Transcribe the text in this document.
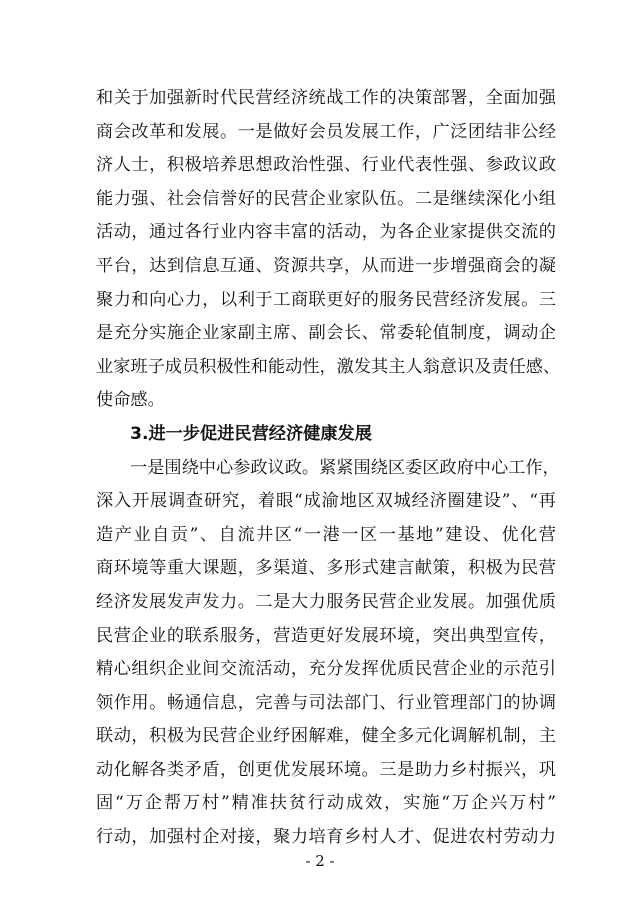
和关于加强新时代民营经济统战工作的决策部署，全面加强
商会改革和发展。一是做好会员发展工作，广泛团结非公经
济人士，积极培养思想政治性强、行业代表性强、参政议政
能力强、社会信誉好的民营企业家队伍。二是继续深化小组
活动，通过各行业内容丰富的活动，为各企业家提供交流的
平台，达到信息互通、资源共享，从而进一步增强商会的凝
聚力和向心力，以利于工商联更好的服务民营经济发展。三
是充分实施企业家副主席、副会长、常委轮值制度，调动企
业家班子成员积极性和能动性，激发其主人翁意识及责任感、
使命感。
3.进一步促进民营经济健康发展
一是围绕中心参政议政。紧紧围绕区委区政府中心工作，
深入开展调查研究，着眼“成渝地区双城经济圈建设”、“再
造产业自贡”、自流井区“一港一区一基地”建设、优化营
商环境等重大课题，多渠道、多形式建言献策，积极为民营
经济发展发声发力。二是大力服务民营企业发展。加强优质
民营企业的联系服务，营造更好发展环境，突出典型宣传，
精心组织企业间交流活动，充分发挥优质民营企业的示范引
领作用。畅通信息，完善与司法部门、行业管理部门的协调
联动，积极为民营企业纾困解难，健全多元化调解机制，主
动化解各类矛盾，创更优发展环境。三是助力乡村振兴，巩
固“万企帮万村”精准扶贫行动成效，实施“万企兴万村”
行动，加强村企对接，聚力培育乡村人才、促进农村劳动力
- 2 -
